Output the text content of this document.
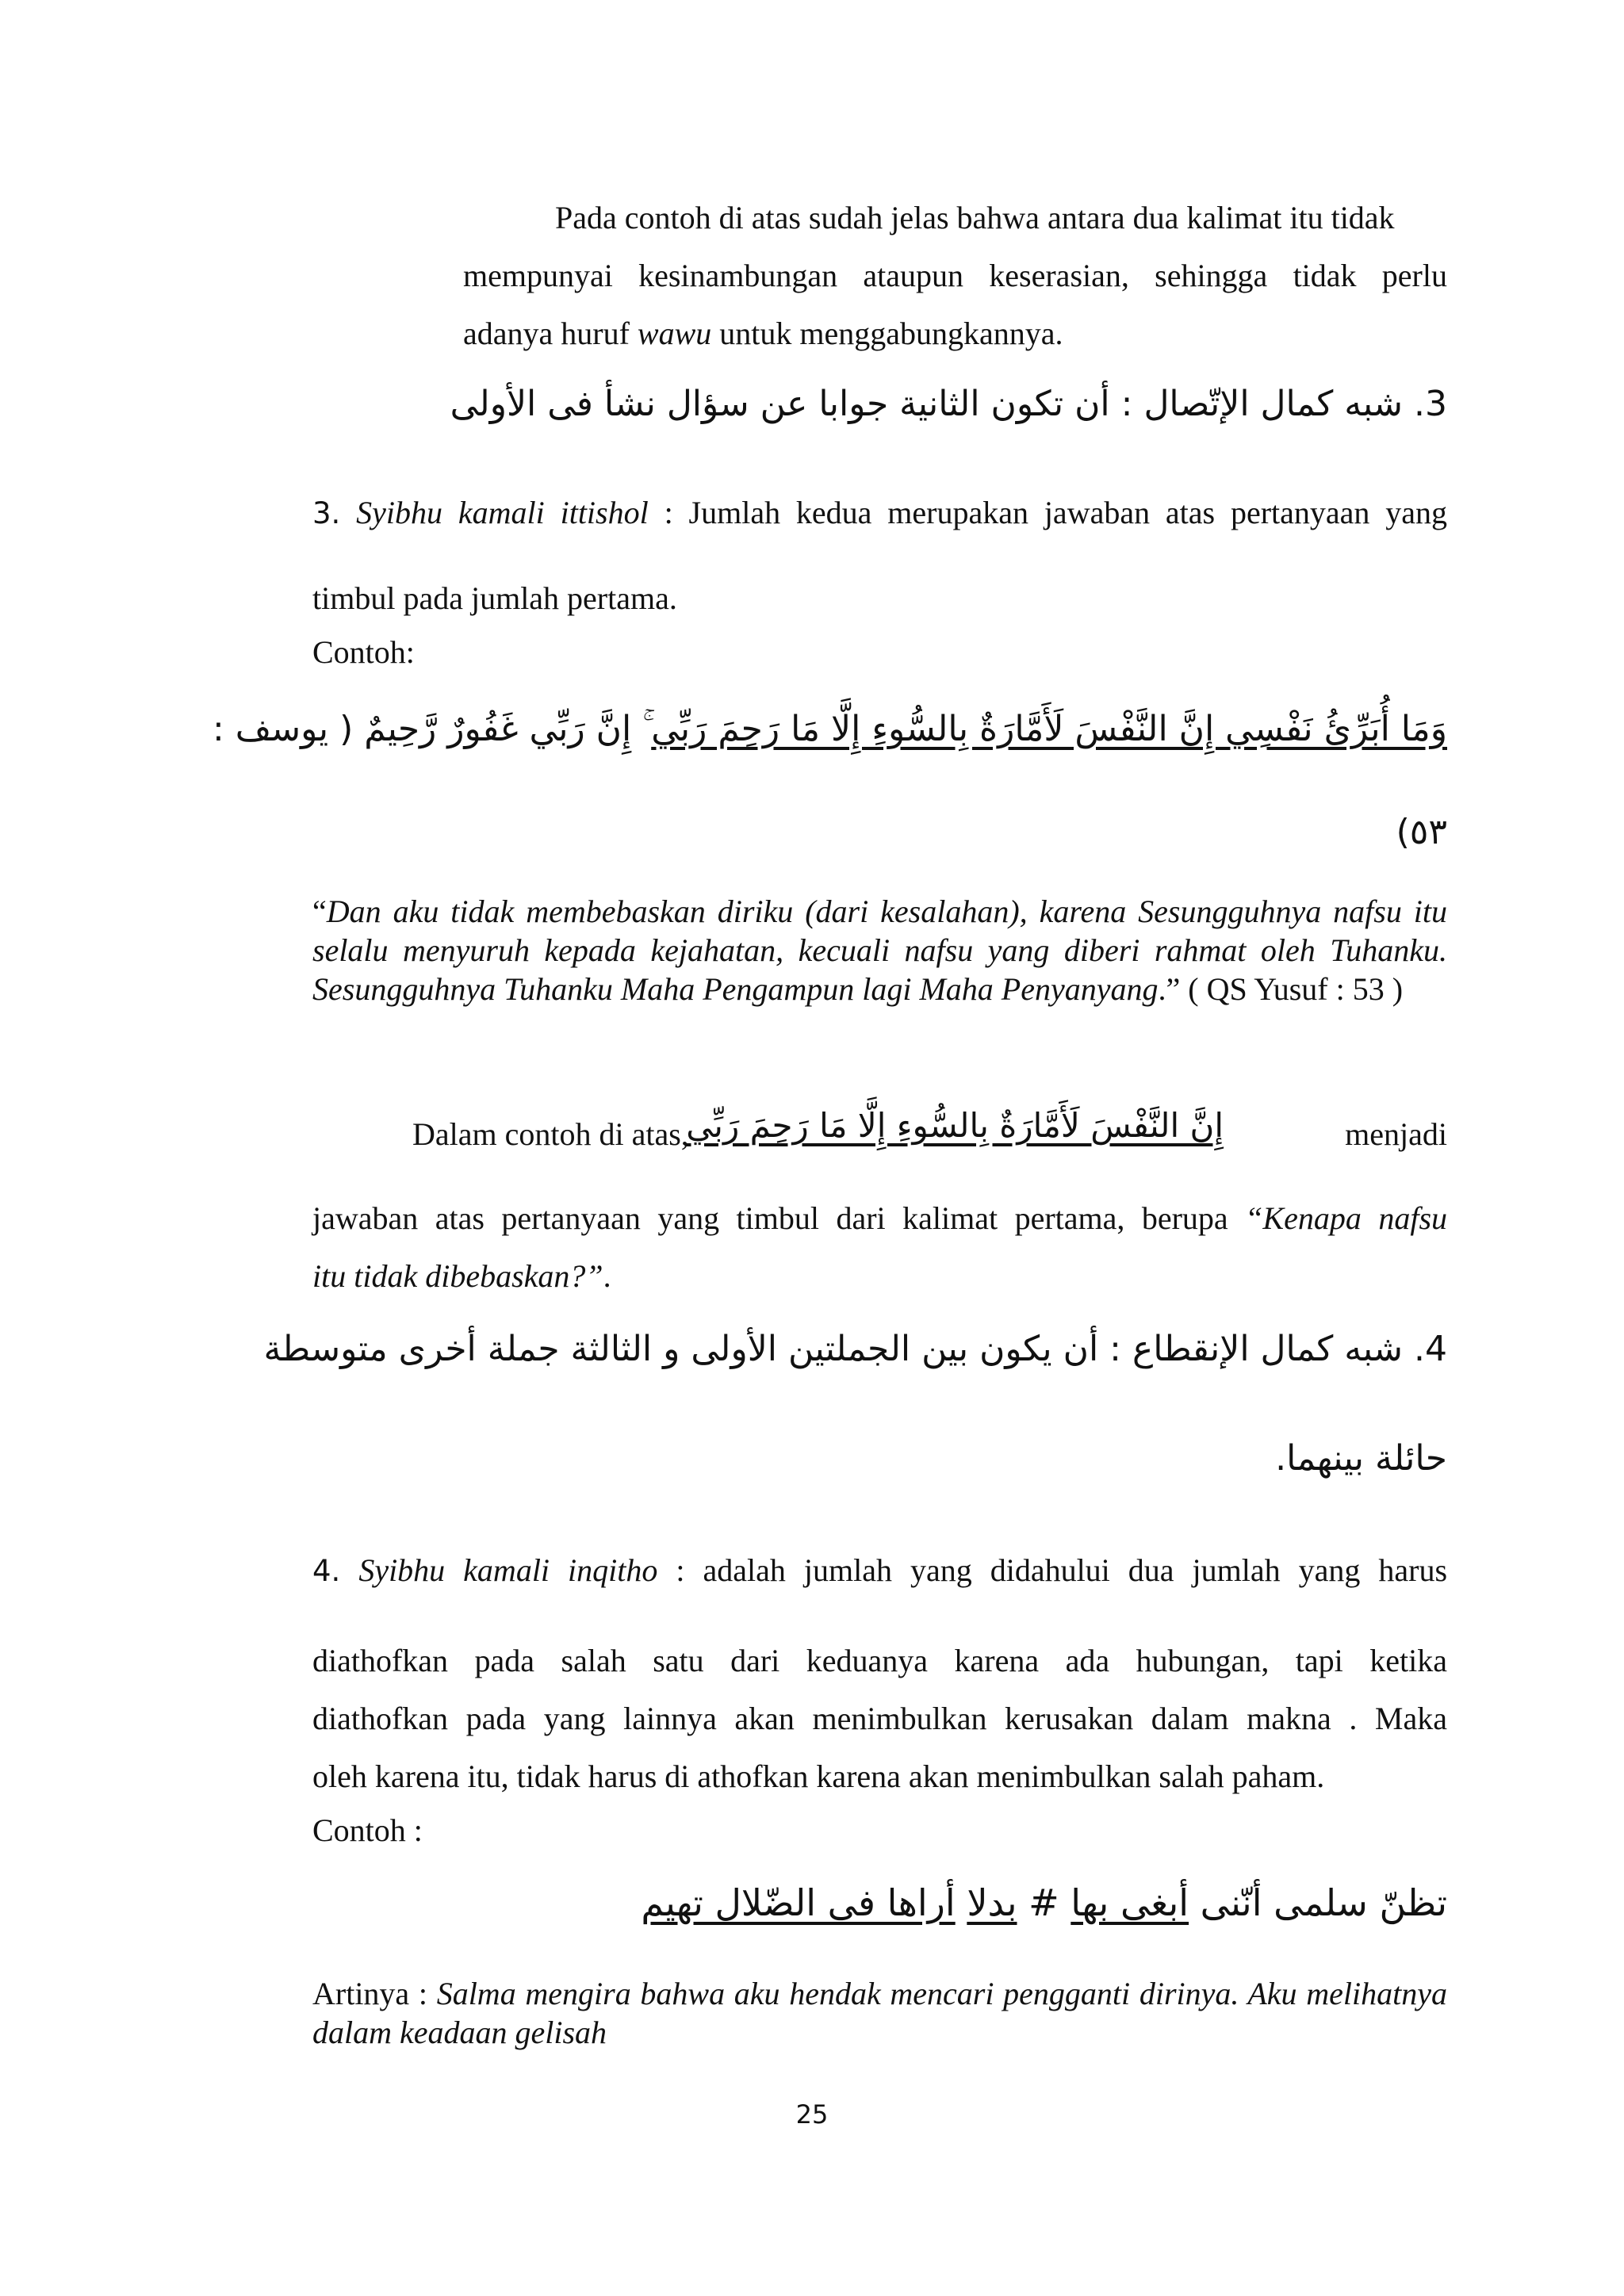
Pada contoh di atas sudah jelas bahwa antara dua kalimat itu tidak

mempunyai kesinambungan ataupun keserasian, sehingga tidak perlu

adanya huruf wawu untuk menggabungkannya.

3. شبه كمال الإتّصال : أن تكون الثانية جوابا عن سؤال نشأ فى الأولى

3. Syibhu kamali ittishol : Jumlah kedua merupakan jawaban atas pertanyaan yang

timbul pada jumlah pertama.

Contoh:

وَمَا أُبَرِّئُ نَفْسِي إِنَّ النَّفْسَ لَأَمَّارَةٌ بِالسُّوءِ إِلَّا مَا رَحِمَ رَبِّي ۚ إِنَّ رَبِّي غَفُورٌ رَّحِيمٌ ( يوسف :

٥٣)

“Dan aku tidak membebaskan diriku (dari kesalahan), karena Sesungguhnya nafsu itu selalu menyuruh kepada kejahatan, kecuali nafsu yang diberi rahmat oleh Tuhanku. Sesungguhnya Tuhanku Maha Pengampun lagi Maha Penyanyang.” ( QS Yusuf : 53 )

Dalam contoh di atas,

إِنَّ النَّفْسَ لَأَمَّارَةٌ بِالسُّوءِ إِلَّا مَا رَحِمَ رَبِّي	menjadi

jawaban atas pertanyaan yang timbul dari kalimat pertama, berupa “Kenapa nafsu

itu tidak dibebaskan?”.

4. شبه كمال الإنقطاع : أن يكون بين الجملتين الأولى و الثالثة جملة أخرى متوسطة

حائلة بينهما.

4. Syibhu kamali inqitho : adalah jumlah yang didahului dua jumlah yang harus

diathofkan pada salah satu dari keduanya karena ada hubungan, tapi ketika

diathofkan pada yang lainnya akan menimbulkan kerusakan dalam makna . Maka

oleh karena itu, tidak harus di athofkan karena akan menimbulkan salah paham.

Contoh :

تظنّ سلمى أنّنى أبغى بها # بدلا أراها فى الضّلال تهيم

Artinya : Salma mengira bahwa aku hendak mencari pengganti dirinya. Aku melihatnya dalam keadaan gelisah

25
